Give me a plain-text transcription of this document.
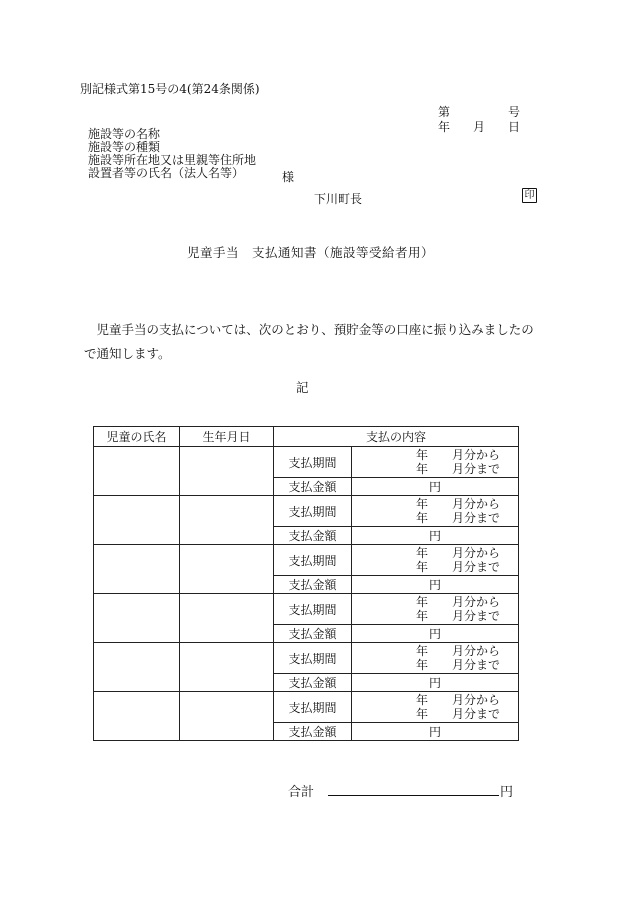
別記様式第15号の4(第24条関係)
第	号
年 月 日
施設等の名称
施設等の種類
施設等所在地又は里親等住所地
設置者等の氏名（法人名等）	様
下川町長	印
児童手当　支払通知書（施設等受給者用）
　児童手当の支払については、次のとおり、預貯金等の口座に振り込みましたので通知します。
記
児童の氏名	生年月日	支払の内容	
		支払期間	年 月分から
年 月分まで

		支払金額	円
		支払期間	年 月分から
年 月分まで

		支払金額	円
		支払期間	年 月分から
年 月分まで

		支払金額	円
		支払期間	年 月分から
年 月分まで

		支払金額	円
		支払期間	年 月分から
年 月分まで

		支払金額	円
		支払期間	年 月分から
年 月分まで

		支払金額	円
合計	円
